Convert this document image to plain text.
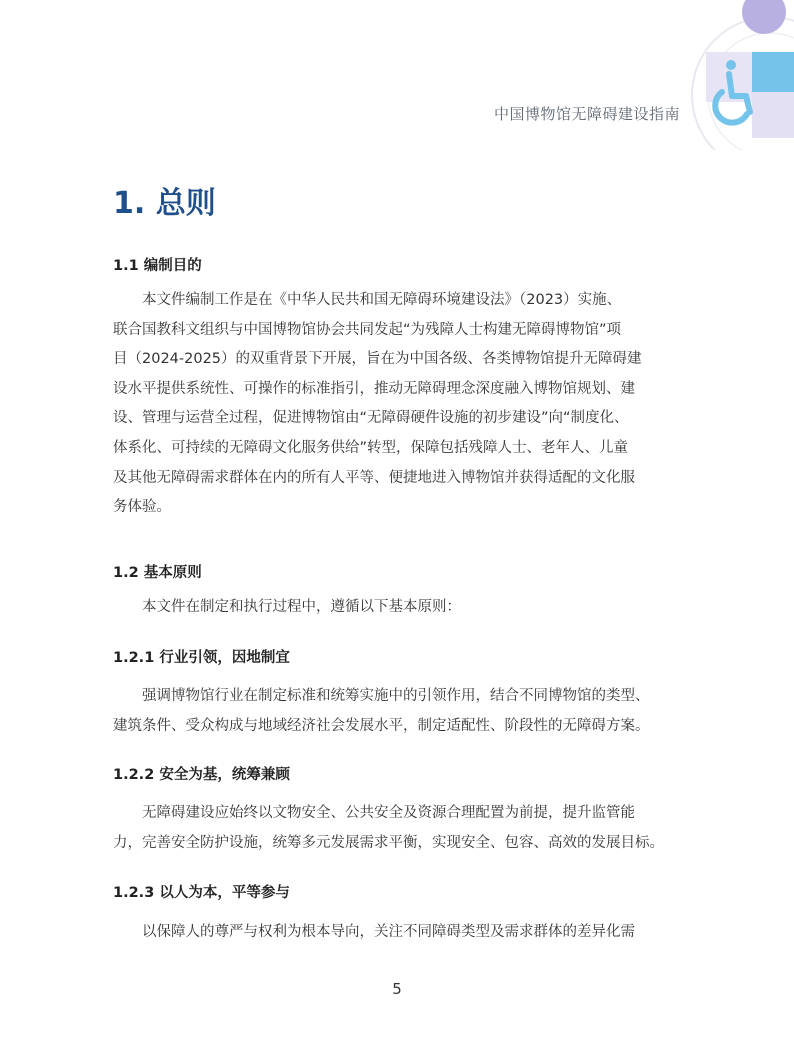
中国博物馆无障碍建设指南
1. 总则
1.1 编制目的
　　本文件编制工作是在《中华人民共和国无障碍环境建设法》（2023）实施、
联合国教科文组织与中国博物馆协会共同发起“为残障人士构建无障碍博物馆”项
目（2024-2025）的双重背景下开展，旨在为中国各级、各类博物馆提升无障碍建
设水平提供系统性、可操作的标准指引，推动无障碍理念深度融入博物馆规划、建
设、管理与运营全过程，促进博物馆由“无障碍硬件设施的初步建设”向“制度化、
体系化、可持续的无障碍文化服务供给”转型，保障包括残障人士、老年人、儿童
及其他无障碍需求群体在内的所有人平等、便捷地进入博物馆并获得适配的文化服
务体验。
1.2 基本原则
　　本文件在制定和执行过程中，遵循以下基本原则：
1.2.1 行业引领，因地制宜
　　强调博物馆行业在制定标准和统筹实施中的引领作用，结合不同博物馆的类型、
建筑条件、受众构成与地域经济社会发展水平，制定适配性、阶段性的无障碍方案。
1.2.2 安全为基，统筹兼顾
　　无障碍建设应始终以文物安全、公共安全及资源合理配置为前提，提升监管能
力，完善安全防护设施，统筹多元发展需求平衡，实现安全、包容、高效的发展目标。
1.2.3 以人为本，平等参与
　　以保障人的尊严与权利为根本导向，关注不同障碍类型及需求群体的差异化需
5
